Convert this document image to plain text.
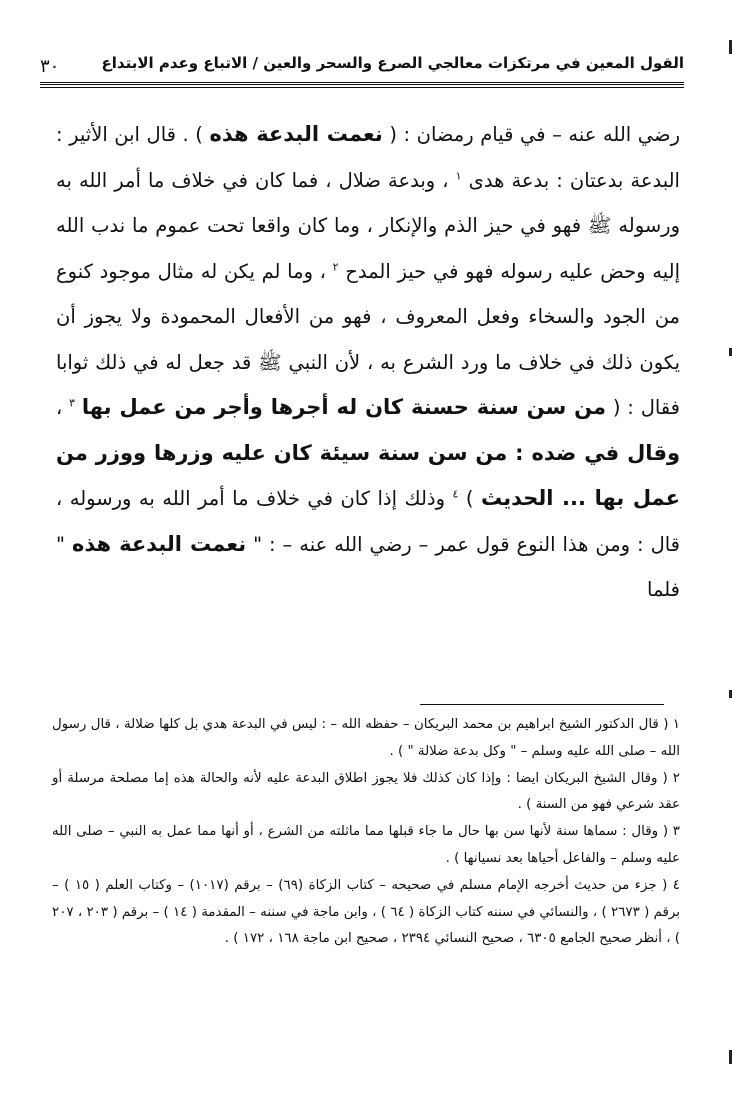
القول المعين في مرتكزات معالجي الصرع والسحر والعين / الاتباع وعدم الابتداع
٣٠

رضي الله عنه – في قيام رمضان : ( نعمت البدعة هذه ) . قال ابن الأثير : البدعة بدعتان : بدعة هدى $^١$ ، وبدعة ضلال ، فما كان في خلاف ما أمر الله به ورسوله ﷺ فهو في حيز الذم والإنكار ، وما كان واقعا تحت عموم ما ندب الله إليه وحض عليه رسوله فهو في حيز المدح $^٢$ ، وما لم يكن له مثال موجود كنوع من الجود والسخاء وفعل المعروف ، فهو من الأفعال المحمودة ولا يجوز أن يكون ذلك في خلاف ما ورد الشرع به ، لأن النبي ﷺ قد جعل له في ذلك ثوابا فقال : ( من سن سنة حسنة كان له أجرها وأجر من عمل بها $^٣$ ، وقال في ضده : من سن سنة سيئة كان عليه وزرها ووزر من عمل بها ... الحديث ) $^٤$ وذلك إذا كان في خلاف ما أمر الله به ورسوله ، قال : ومن هذا النوع قول عمر – رضي الله عنه – : " نعمت البدعة هذه " فلما

١ ( قال الدكتور الشيخ ابراهيم بن محمد البريكان – حفظه الله – : ليس في البدعة هدي بل كلها ضلالة ، قال رسول الله – صلى الله عليه وسلم – " وكل بدعة ضلالة " ) .

٢ ( وقال الشيخ البريكان ايضا : وإذا كان كذلك فلا يجوز اطلاق البدعة عليه لأنه والحالة هذه إما مصلحة مرسلة أو عقد شرعي فهو من السنة ) .

٣ ( وقال : سماها سنة لأنها سن بها حال ما جاء قبلها مما ماثلته من الشرع ، أو أنها مما عمل به النبي – صلى الله عليه وسلم – والفاعل أحياها بعد نسيانها ) .

٤ ( جزء من حديث أخرجه الإمام مسلم في صحيحه – كتاب الزكاة (٦٩) – برقم (١٠١٧) – وكتاب العلم ( ١٥ ) – برقم ( ٢٦٧٣ ) ، والنسائي في سننه كتاب الزكاة ( ٦٤ ) ، وابن ماجة في سننه – المقدمة ( ١٤ ) – برقم ( ٢٠٣ ، ٢٠٧ ) ، أنظر صحيح الجامع ٦٣٠٥ ، صحيح النسائي ٢٣٩٤ ، صحيح ابن ماجة ١٦٨ ، ١٧٢ ) .
